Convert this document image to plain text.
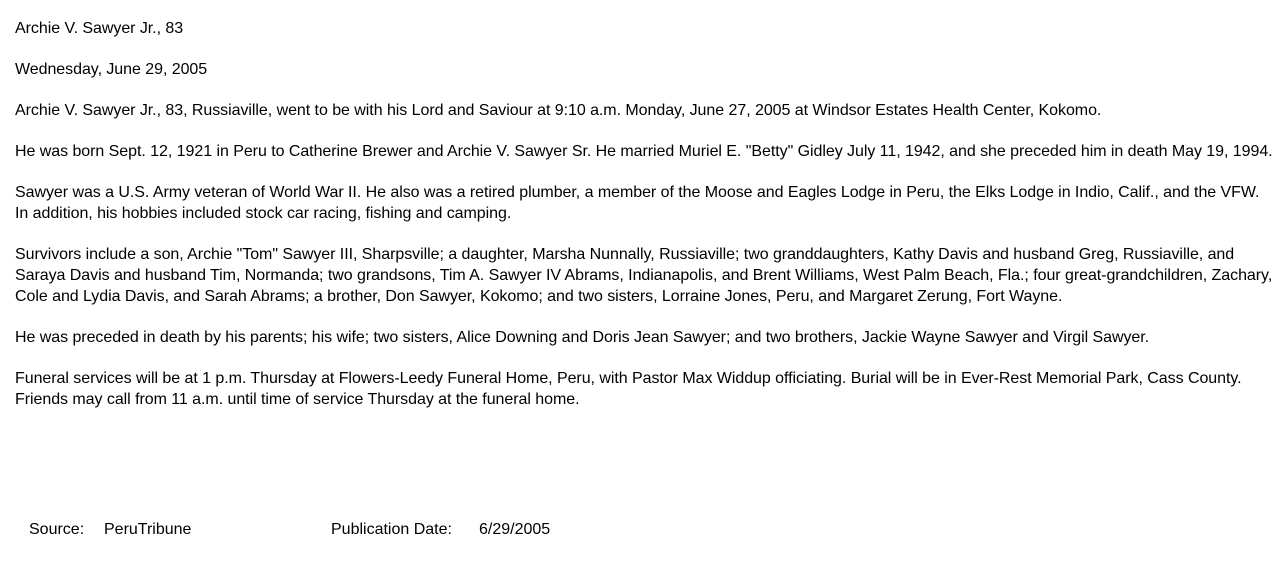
Archie V. Sawyer Jr., 83

Wednesday, June 29, 2005

Archie V. Sawyer Jr., 83, Russiaville, went to be with his Lord and Saviour at 9:10 a.m. Monday, June 27, 2005 at Windsor Estates Health Center, Kokomo.

He was born Sept. 12, 1921 in Peru to Catherine Brewer and Archie V. Sawyer Sr. He married Muriel E. "Betty" Gidley July 11, 1942, and she preceded him in death May 19, 1994.

Sawyer was a U.S. Army veteran of World War II. He also was a retired plumber, a member of the Moose and Eagles Lodge in Peru, the Elks Lodge in Indio, Calif., and the VFW. In addition, his hobbies included stock car racing, fishing and camping.

Survivors include a son, Archie "Tom" Sawyer III, Sharpsville; a daughter, Marsha Nunnally, Russiaville; two granddaughters, Kathy Davis and husband Greg, Russiaville, and Saraya Davis and husband Tim, Normanda; two grandsons, Tim A. Sawyer IV Abrams, Indianapolis, and Brent Williams, West Palm Beach, Fla.; four great-grandchildren, Zachary, Cole and Lydia Davis, and Sarah Abrams; a brother, Don Sawyer, Kokomo; and two sisters, Lorraine Jones, Peru, and Margaret Zerung, Fort Wayne.

He was preceded in death by his parents; his wife; two sisters, Alice Downing and Doris Jean Sawyer; and two brothers, Jackie Wayne Sawyer and Virgil Sawyer.

Funeral services will be at 1 p.m. Thursday at Flowers-Leedy Funeral Home, Peru, with Pastor Max Widdup officiating. Burial will be in Ever-Rest Memorial Park, Cass County. Friends may call from 11 a.m. until time of service Thursday at the funeral home.

Source: PeruTribune	Publication Date: 6/29/2005
